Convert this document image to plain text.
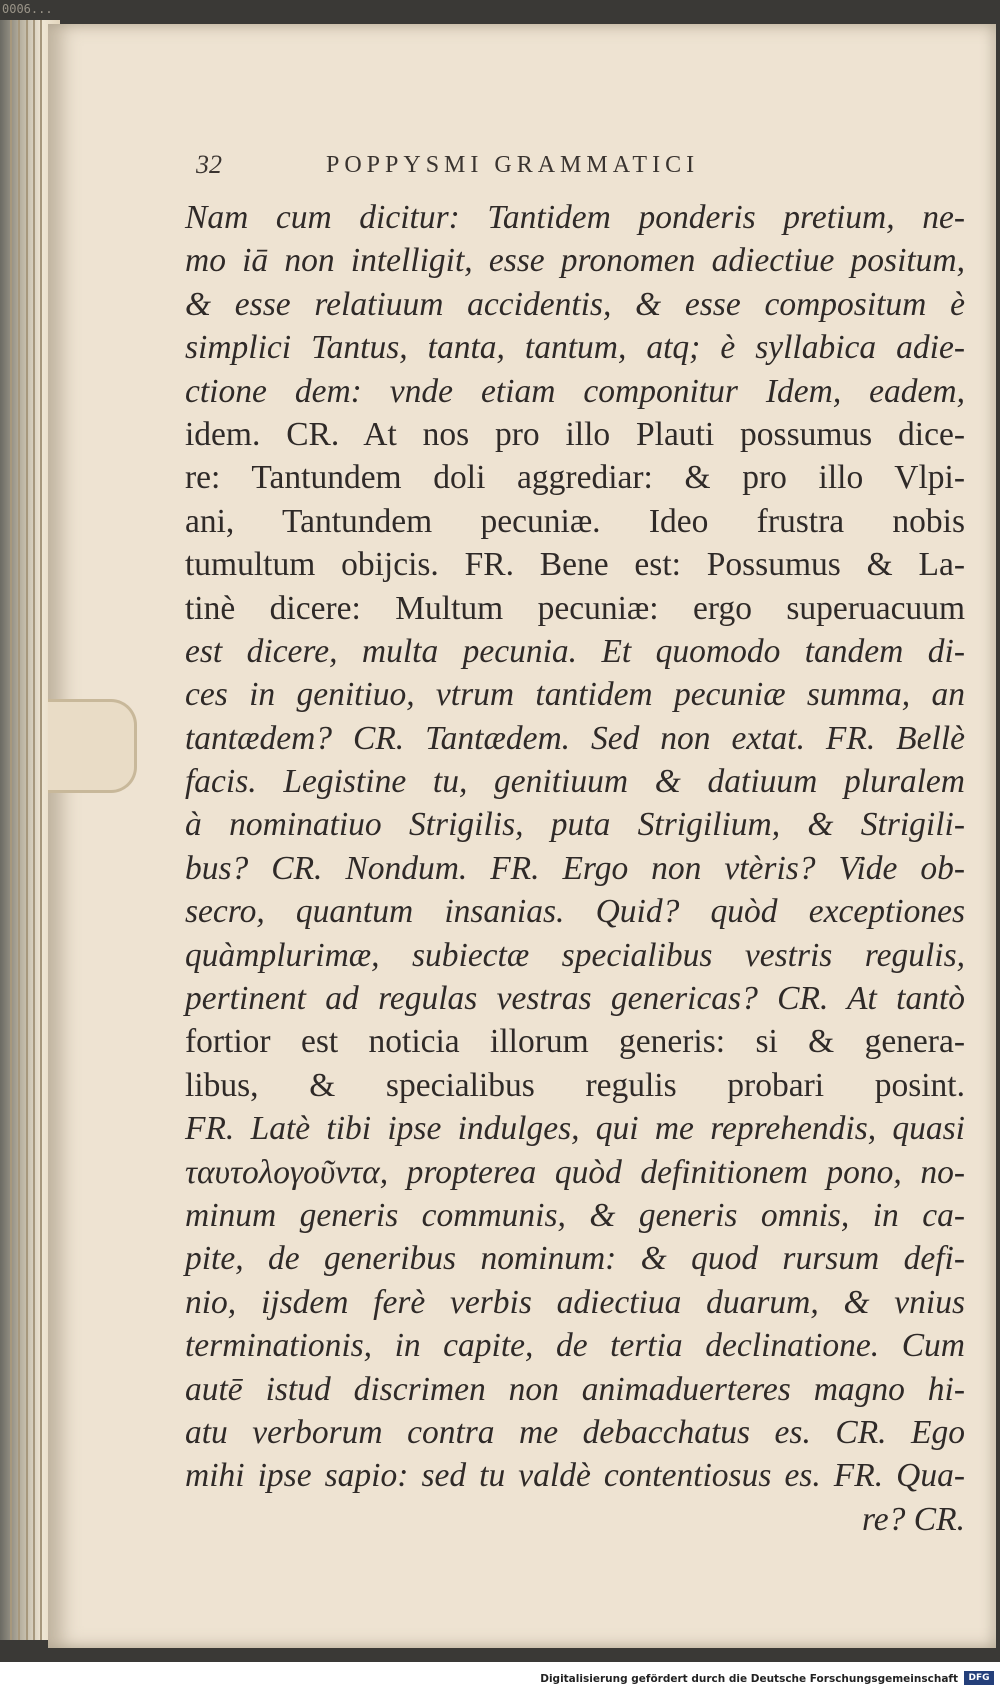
0006...
32	POPPYSMI GRAMMATICI
Nam cum dicitur: Tantidem ponderis pretium, ne-
mo iā non intelligit, esse pronomen adiectiue positum,
& esse relatiuum accidentis, & esse compositum è
simplici Tantus, tanta, tantum, atq; è syllabica adie-
ctione dem: vnde etiam componitur Idem, eadem,
idem. CR. At nos pro illo Plauti possumus dice-
re: Tantundem doli aggrediar: & pro illo Vlpi-
ani, Tantundem pecuniæ. Ideo frustra nobis
tumultum obijcis. FR. Bene est: Possumus & La-
tinè dicere: Multum pecuniæ: ergo superuacuum
est dicere, multa pecunia. Et quomodo tandem di-
ces in genitiuo, vtrum tantidem pecuniæ summa, an
tantædem? CR. Tantædem. Sed non extat. FR. Bellè
facis. Legistine tu, genitiuum & datiuum pluralem
à nominatiuo Strigilis, puta Strigilium, & Strigili-
bus? CR. Nondum. FR. Ergo non vtèris? Vide ob-
secro, quantum insanias. Quid? quòd exceptiones
quàmplurimæ, subiectæ specialibus vestris regulis,
pertinent ad regulas vestras genericas? CR. At tantò
fortior est noticia illorum generis: si & genera-
libus, & specialibus regulis probari posint.
FR. Latè tibi ipse indulges, qui me reprehendis, quasi
ταυτολογοῦντα, propterea quòd definitionem pono, no-
minum generis communis, & generis omnis, in ca-
pite, de generibus nominum: & quod rursum defi-
nio, ijsdem ferè verbis adiectiua duarum, & vnius
terminationis, in capite, de tertia declinatione. Cum
autē istud discrimen non animaduerteres magno hi-
atu verborum contra me debacchatus es. CR. Ego
mihi ipse sapio: sed tu valdè contentiosus es. FR. Qua-
re? CR.
Digitalisierung gefördert durch die Deutsche Forschungsgemeinschaft	DFG
